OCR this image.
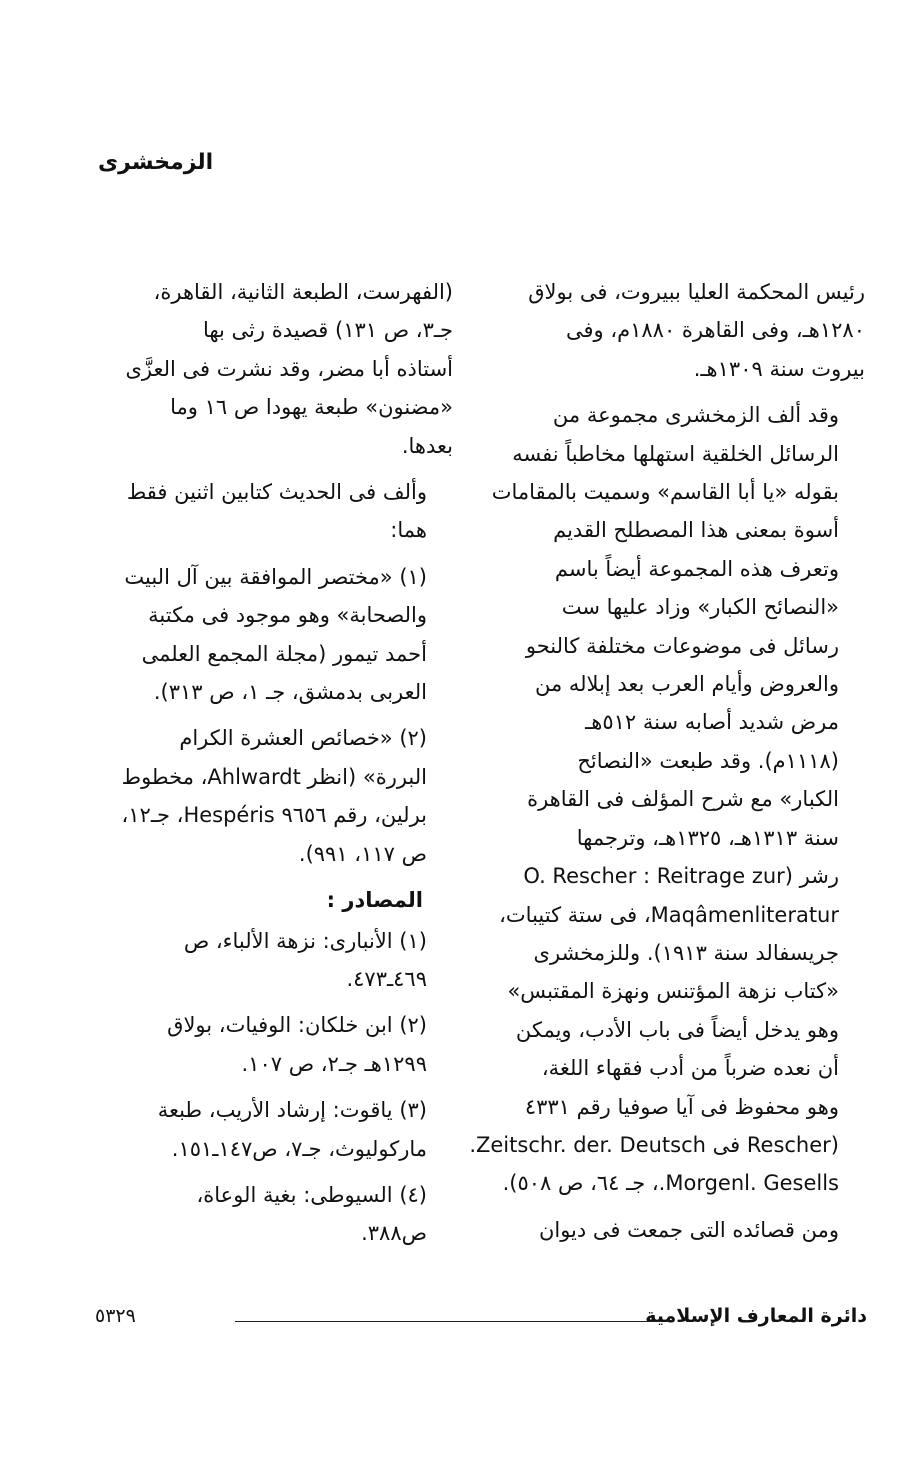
الزمخشرى
رئيس المحكمة العليا ببيروت، فى بولاق
١٢٨٠هـ، وفى القاهرة ١٨٨٠م، وفى
بيروت سنة ١٣٠٩هـ.
وقد ألف الزمخشرى مجموعة من
الرسائل الخلقية استهلها مخاطباً نفسه
بقوله «يا أبا القاسم» وسميت بالمقامات
أسوة بمعنى هذا المصطلح القديم
وتعرف هذه المجموعة أيضاً باسم
«النصائح الكبار» وزاد عليها ست
رسائل فى موضوعات مختلفة كالنحو
والعروض وأيام العرب بعد إبلاله من
مرض شديد أصابه سنة ٥١٢هـ
(١١١٨م). وقد طبعت «النصائح
الكبار» مع شرح المؤلف فى القاهرة
سنة ١٣١٣هـ، ١٣٢٥هـ، وترجمها
رشر (O. Rescher : Reitrage zur
Maqâmenliteratur، فى ستة كتيبات،
جريسفالد سنة ١٩١٣). وللزمخشرى
«كتاب نزهة المؤتنس ونهزة المقتبس»
وهو يدخل أيضاً فى باب الأدب، ويمكن
أن نعده ضرباً من أدب فقهاء اللغة،
وهو محفوظ فى آيا صوفيا رقم ٤٣٣١
(Rescher فى Zeitschr. der. Deutsch.
Morgenl. Gesells.، جـ ٦٤، ص ٥٠٨).
ومن قصائده التى جمعت فى ديوان
(الفهرست، الطبعة الثانية، القاهرة،
جـ٣، ص ١٣١) قصيدة رثى بها
أستاذه أبا مضر، وقد نشرت فى العزَّى
«مضنون» طبعة يهودا ص ١٦ وما
بعدها.
وألف فى الحديث كتابين اثنين فقط
هما:
(١) «مختصر الموافقة بين آل البيت
والصحابة» وهو موجود فى مكتبة
أحمد تيمور (مجلة المجمع العلمى
العربى بدمشق، جـ ١، ص ٣١٣).
(٢) «خصائص العشرة الكرام
البررة» (انظر Ahlwardt، مخطوط
برلين، رقم ٩٦٥٦ Hespéris، جـ١٢،
ص ١١٧، ٩٩١).
المصادر :
(١) الأنبارى: نزهة الألباء، ص
٤٦٩ـ٤٧٣.
(٢) ابن خلكان: الوفيات، بولاق
١٢٩٩هـ جـ٢، ص ١٠٧.
(٣) ياقوت: إرشاد الأريب، طبعة
ماركوليوث، جـ٧، ص١٤٧ـ١٥١.
(٤) السيوطى: بغية الوعاة،
ص٣٨٨.
دائرة المعارف الإسلامية
٥٣٢٩
